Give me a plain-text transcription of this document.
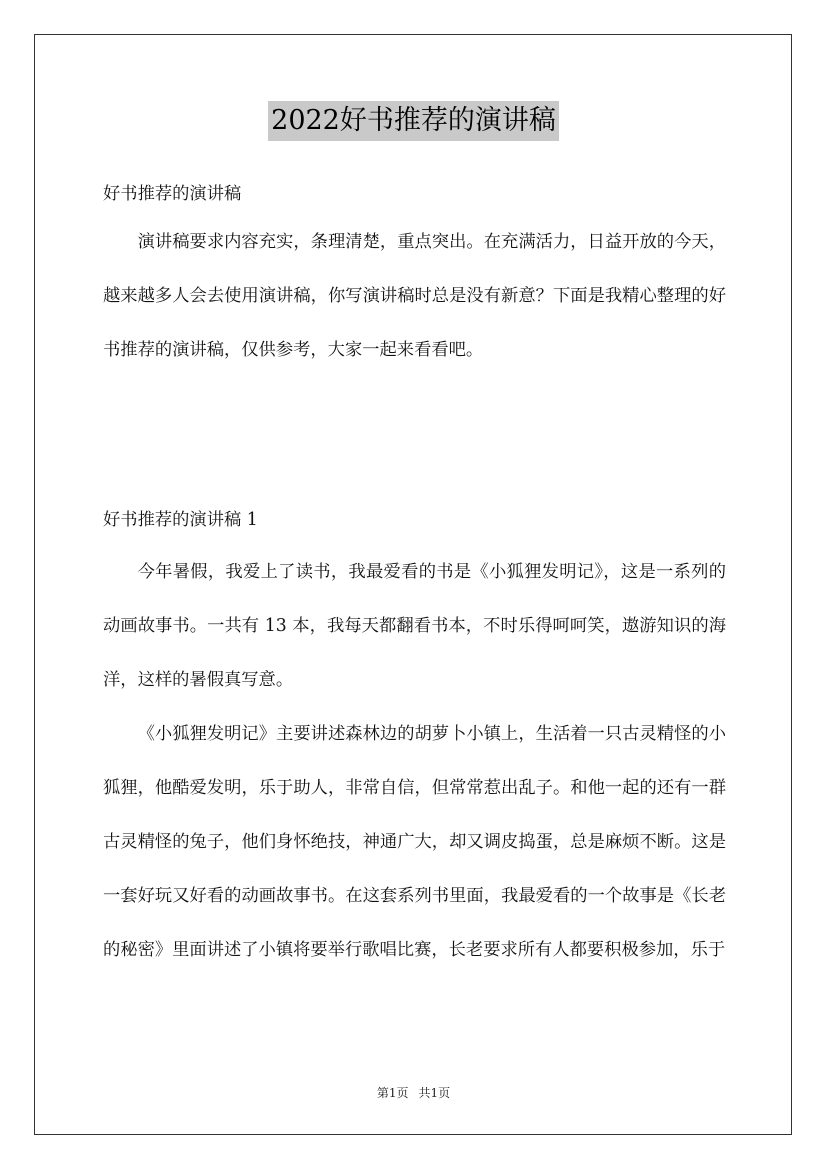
2022好书推荐的演讲稿

好书推荐的演讲稿

演讲稿要求内容充实，条理清楚，重点突出。在充满活力，日益开放的今天，越来越多人会去使用演讲稿，你写演讲稿时总是没有新意？下面是我精心整理的好书推荐的演讲稿，仅供参考，大家一起来看看吧。

好书推荐的演讲稿 1

今年暑假，我爱上了读书，我最爱看的书是《小狐狸发明记》，这是一系列的动画故事书。一共有 13 本，我每天都翻看书本，不时乐得呵呵笑，遨游知识的海洋，这样的暑假真写意。

《小狐狸发明记》主要讲述森林边的胡萝卜小镇上，生活着一只古灵精怪的小狐狸，他酷爱发明，乐于助人，非常自信，但常常惹出乱子。和他一起的还有一群古灵精怪的兔子，他们身怀绝技，神通广大，却又调皮捣蛋，总是麻烦不断。这是一套好玩又好看的动画故事书。在这套系列书里面，我最爱看的一个故事是《长老的秘密》里面讲述了小镇将要举行歌唱比赛，长老要求所有人都要积极参加，乐于

第1页 共1页
